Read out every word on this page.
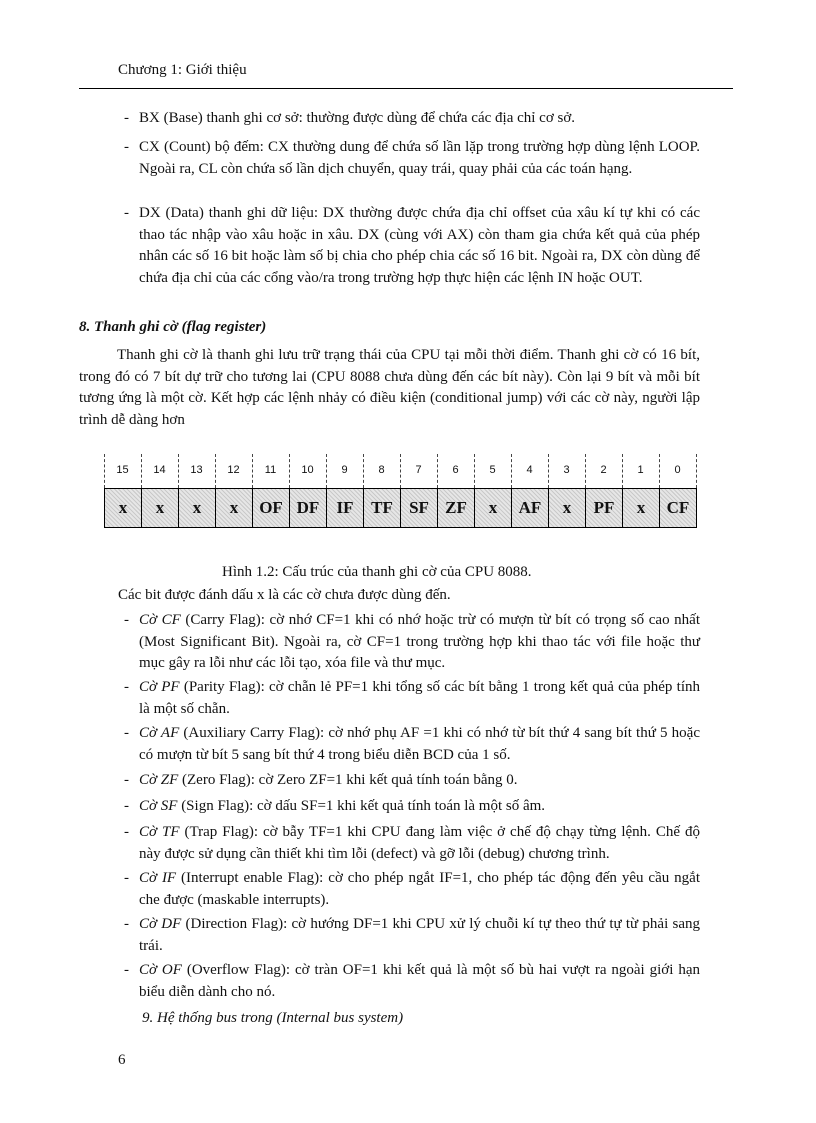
Chương 1: Giới thiệu
- BX (Base) thanh ghi cơ sở: thường được dùng để chứa các địa chỉ cơ sở.
- CX (Count) bộ đếm: CX thường dung để chứa số lần lặp trong trường hợp dùng lệnh LOOP. Ngoài ra, CL còn chứa số lần dịch chuyển, quay trái, quay phải của các toán hạng.
- DX (Data) thanh ghi dữ liệu: DX thường được chứa địa chỉ offset của xâu kí tự khi có các thao tác nhập vào xâu hoặc in xâu. DX (cùng với AX) còn tham gia chứa kết quả của phép nhân các số 16 bit hoặc làm số bị chia cho phép chia các số 16 bit. Ngoài ra, DX còn dùng để chứa địa chỉ của các cổng vào/ra trong trường hợp thực hiện các lệnh IN hoặc OUT.
8. Thanh ghi cờ (flag register)
Thanh ghi cờ là thanh ghi lưu trữ trạng thái của CPU tại mỗi thời điểm. Thanh ghi cờ có 16 bít, trong đó có 7 bít dự trữ cho tương lai (CPU 8088 chưa dùng đến các bít này). Còn lại 9 bít và mỗi bít tương ứng là một cờ. Kết hợp các lệnh nhảy có điều kiện (conditional jump) với các cờ này, người lập trình dễ dàng hơn
15
x
14
x
13
x
12
x
11
OF
10
DF
9
IF
8
TF
7
SF
6
ZF
5
x
4
AF
3
x
2
PF
1
x
0
CF
Hình 1.2: Cấu trúc của thanh ghi cờ của CPU 8088.
Các bit được đánh dấu x là các cờ chưa được dùng đến.
- Cờ CF (Carry Flag): cờ nhớ CF=1 khi có nhớ hoặc trừ có mượn từ bít có trọng số cao nhất (Most Significant Bit). Ngoài ra, cờ CF=1 trong trường hợp khi thao tác với file hoặc thư mục gây ra lỗi như các lỗi tạo, xóa file và thư mục.
- Cờ PF (Parity Flag): cờ chẵn lẻ PF=1 khi tổng số các bít bằng 1 trong kết quả của phép tính là một số chẵn.
- Cờ AF (Auxiliary Carry Flag): cờ nhớ phụ AF =1 khi có nhớ từ bít thứ 4 sang bít thứ 5 hoặc có mượn từ bít 5 sang bít thứ 4 trong biểu diễn BCD của 1 số.
- Cờ ZF (Zero Flag): cờ Zero ZF=1 khi kết quả tính toán bằng 0.
- Cờ SF (Sign Flag): cờ dấu SF=1 khi kết quả tính toán là một số âm.
- Cờ TF (Trap Flag): cờ bẫy TF=1 khi CPU đang làm việc ở chế độ chạy từng lệnh. Chế độ này được sử dụng cần thiết khi tìm lỗi (defect) và gỡ lỗi (debug) chương trình.
- Cờ IF (Interrupt enable Flag): cờ cho phép ngắt IF=1, cho phép tác động đến yêu cầu ngắt che được (maskable interrupts).
- Cờ DF (Direction Flag): cờ hướng DF=1 khi CPU xử lý chuỗi kí tự theo thứ tự từ phải sang trái.
- Cờ OF (Overflow Flag): cờ tràn OF=1 khi kết quả là một số bù hai vượt ra ngoài giới hạn biểu diễn dành cho nó.
9. Hệ thống bus trong (Internal bus system)
6
